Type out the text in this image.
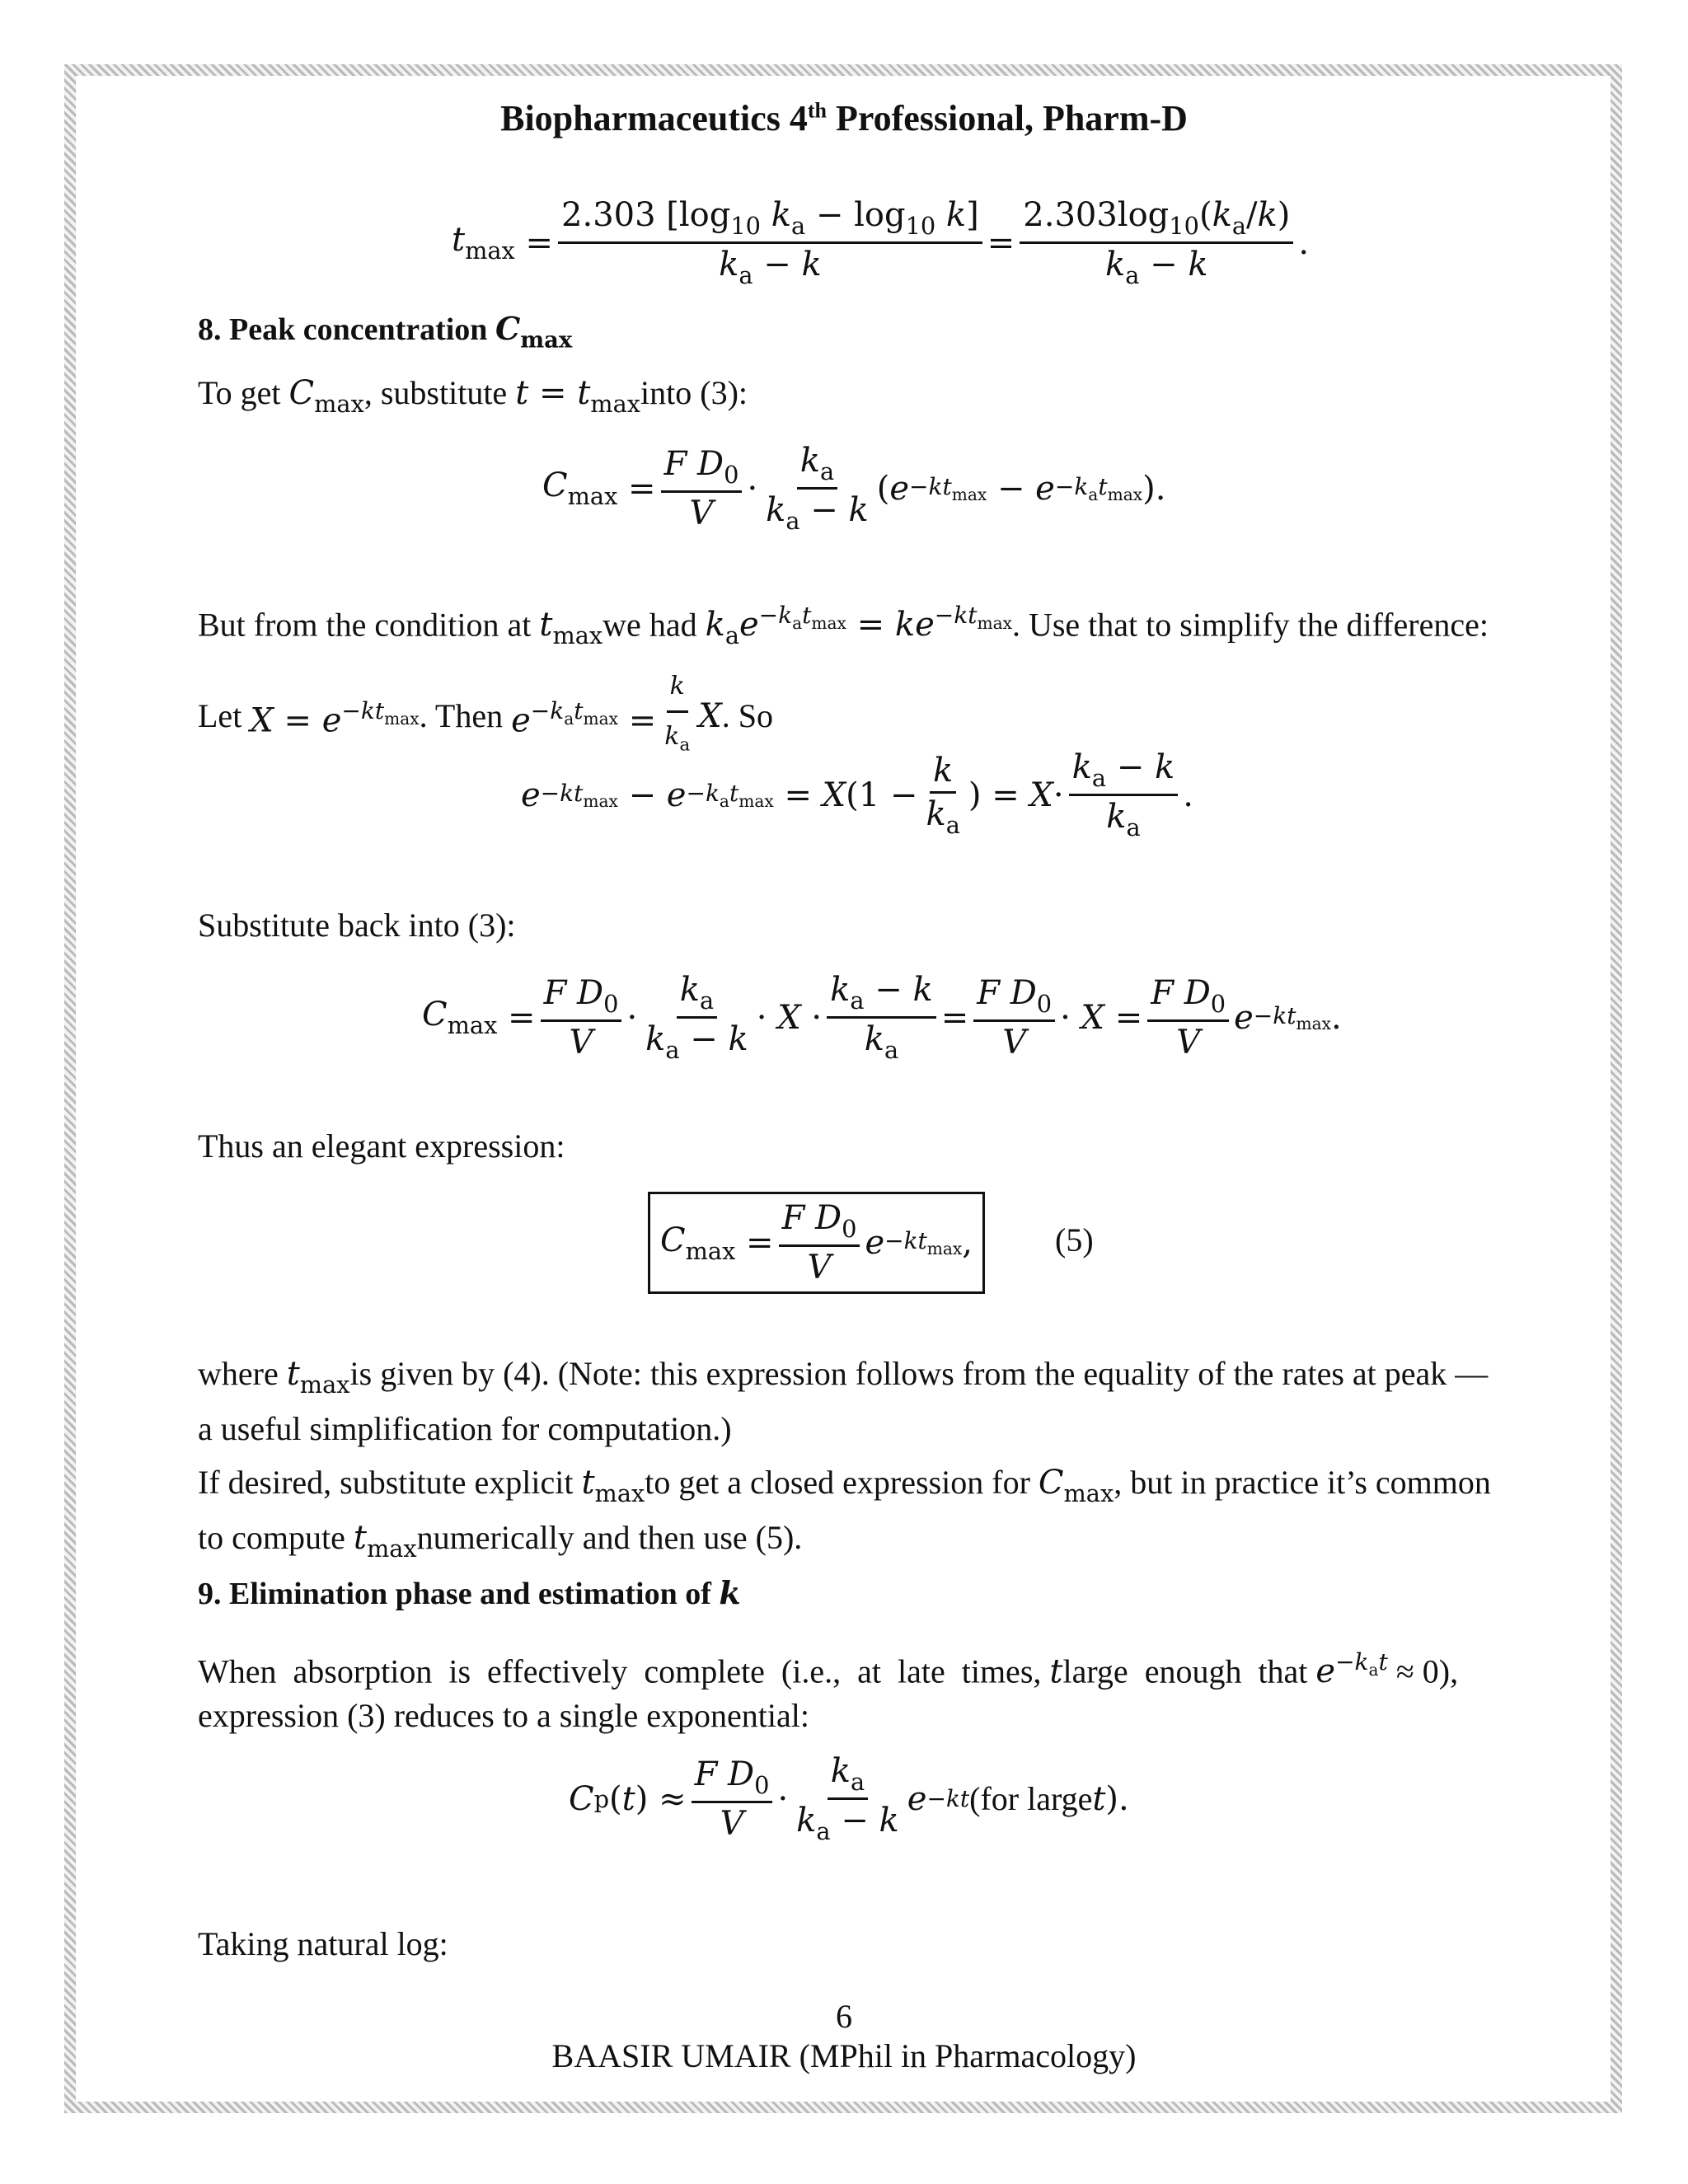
Biopharmaceutics 4th Professional, Pharm-D
$t_{max}$
= $\frac{2.303 [\log_{10} k_a - \log_{10} k]}{k_a - k} = \frac{2.303\log_{10}(k_a/k)}{k_a - k}$ .
8. Peak concentration $C_{max}$
To get $C_{max}$, substitute $t = t_{max}into$ (3):
$C_{max}$
= $\frac{F D_0}{V} \cdot \frac{k_a}{k_a - k}$ ( $e -kt_{max}$
− $e -k_at_{max}$ ).
But from the condition at $t_{max}we$ had $k_ae^{-k_at_{max}} = ke^{-kt_{max}}$. Use that to simplify the difference:
Let
$X = e^{-kt_{max}}$ . Then
$e^{-k_at_{max}} = \frac{k}{k_a}$ X . So
$e -kt_{max}$
− $e -k_at_{max}$
= X ($1 - \frac{k}{k_a}$ ) = $X \cdot \frac{k_a - k}{k_a}$ .
Substitute back into (3):
$C_{max}$
= $\frac{F D_0}{V} \cdot \frac{k_a}{k_a - k} \cdot X \cdot \frac{k_a - k}{k_a} = \frac{F D_0}{V} \cdot X = \frac{F D_0}{V}$ $e -kt_{max}$ .
Thus an elegant expression:
$C_{max}$
= $\frac{F D_0}{V}$ $e -kt_{max}$ , (5)
where $t_{max}is$ given by (4). (Note: this expression follows from the equality of the rates at peak —
a useful simplification for computation.)
If desired, substitute explicit $t_{max}to$ get a closed expression for $C_{max}$, but in practice it’s common
to compute $t_{max}numerically$ and then use (5).
9. Elimination phase and estimation of k
When  absorption  is  effectively  complete  (i.e.,  at  late  times, tlarge  enough  that $e^{-k_at} \approx 0$),
expression (3) reduces to a single exponential:
C p ( t )
≈ $\frac{F D_0}{V} \cdot \frac{k_a}{k_a - k}$ e −kt (for large t ).
Taking natural log:
6
BAASIR UMAIR (MPhil in Pharmacology)
